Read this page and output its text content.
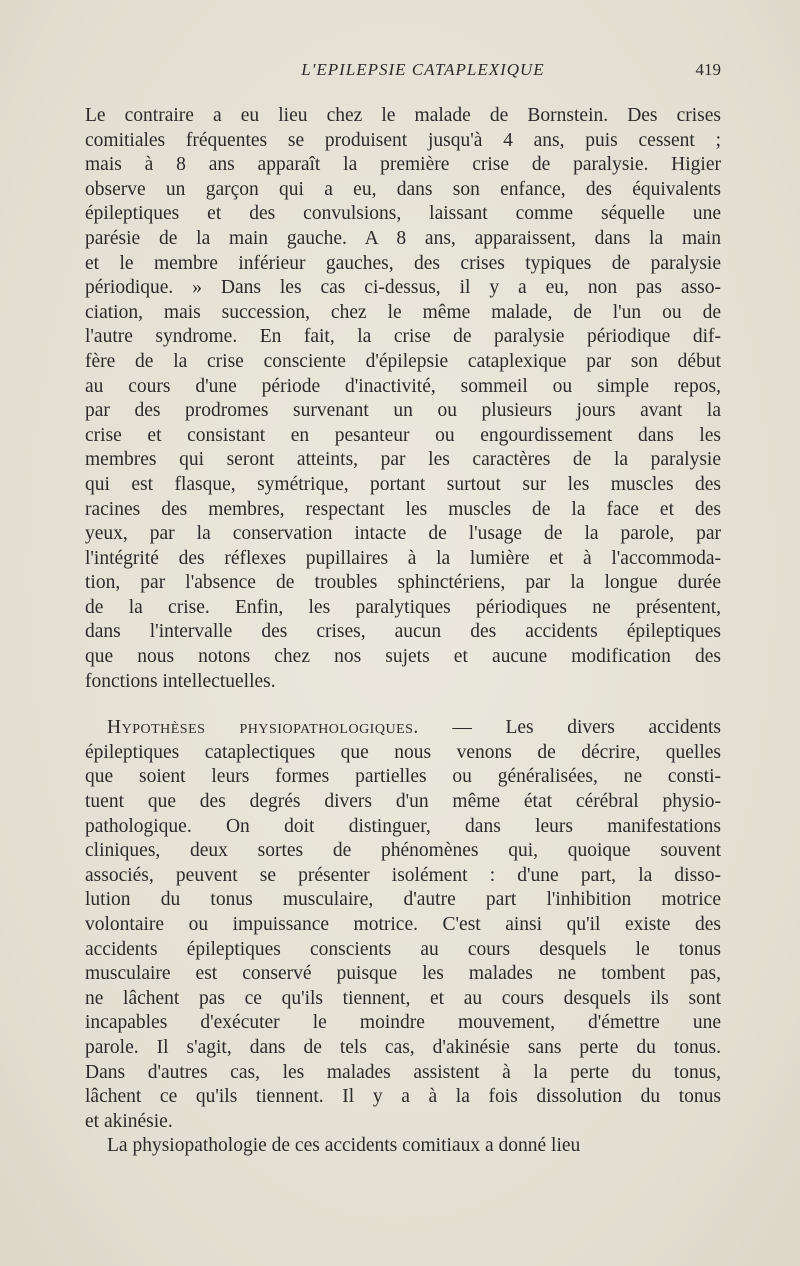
L'EPILEPSIE CATAPLEXIQUE	419
Le contraire a eu lieu chez le malade de Bornstein. Des crises
comitiales fréquentes se produisent jusqu'à 4 ans, puis cessent ;
mais à 8 ans apparaît la première crise de paralysie. Higier
observe un garçon qui a eu, dans son enfance, des équivalents
épileptiques et des convulsions, laissant comme séquelle une
parésie de la main gauche. A 8 ans, apparaissent, dans la main
et le membre inférieur gauches, des crises typiques de paralysie
périodique. » Dans les cas ci-dessus, il y a eu, non pas asso-
ciation, mais succession, chez le même malade, de l'un ou de
l'autre syndrome. En fait, la crise de paralysie périodique dif-
fère de la crise consciente d'épilepsie cataplexique par son début
au cours d'une période d'inactivité, sommeil ou simple repos,
par des prodromes survenant un ou plusieurs jours avant la
crise et consistant en pesanteur ou engourdissement dans les
membres qui seront atteints, par les caractères de la paralysie
qui est flasque, symétrique, portant surtout sur les muscles des
racines des membres, respectant les muscles de la face et des
yeux, par la conservation intacte de l'usage de la parole, par
l'intégrité des réflexes pupillaires à la lumière et à l'accommoda-
tion, par l'absence de troubles sphinctériens, par la longue durée
de la crise. Enfin, les paralytiques périodiques ne présentent,
dans l'intervalle des crises, aucun des accidents épileptiques
que nous notons chez nos sujets et aucune modification des
fonctions intellectuelles.
Hypothèses physiopathologiques. — Les divers accidents
épileptiques cataplectiques que nous venons de décrire, quelles
que soient leurs formes partielles ou généralisées, ne consti-
tuent que des degrés divers d'un même état cérébral physio-
pathologique. On doit distinguer, dans leurs manifestations
cliniques, deux sortes de phénomènes qui, quoique souvent
associés, peuvent se présenter isolément : d'une part, la disso-
lution du tonus musculaire, d'autre part l'inhibition motrice
volontaire ou impuissance motrice. C'est ainsi qu'il existe des
accidents épileptiques conscients au cours desquels le tonus
musculaire est conservé puisque les malades ne tombent pas,
ne lâchent pas ce qu'ils tiennent, et au cours desquels ils sont
incapables d'exécuter le moindre mouvement, d'émettre une
parole. Il s'agit, dans de tels cas, d'akinésie sans perte du tonus.
Dans d'autres cas, les malades assistent à la perte du tonus,
lâchent ce qu'ils tiennent. Il y a à la fois dissolution du tonus
et akinésie.
La physiopathologie de ces accidents comitiaux a donné lieu
